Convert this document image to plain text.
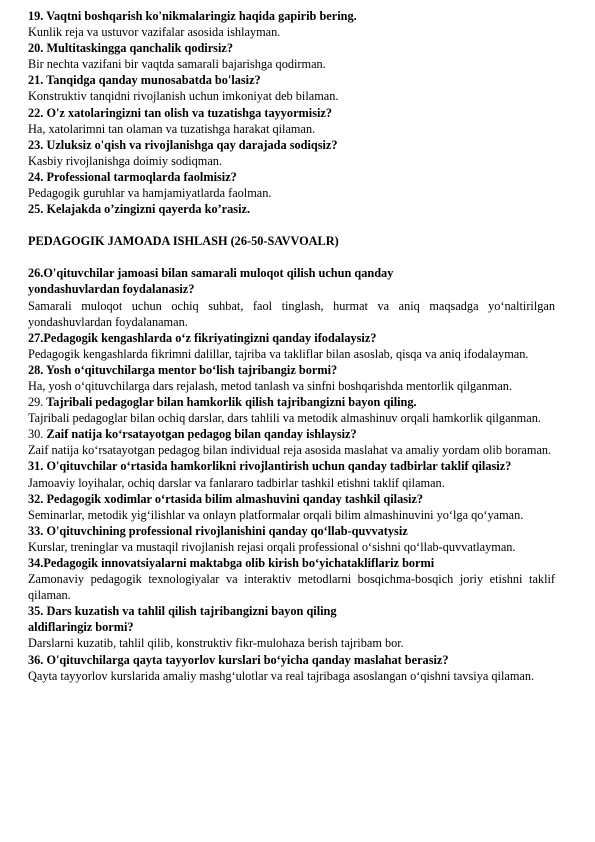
19. Vaqtni boshqarish ko'nikmalaringiz haqida gapirib bering.
Kunlik reja va ustuvor vazifalar asosida ishlayman.
20. Multitaskingga qanchalik qodirsiz?
Bir nechta vazifani bir vaqtda samarali bajarishga qodirman.
21. Tanqidga qanday munosabatda bo'lasiz?
Konstruktiv tanqidni rivojlanish uchun imkoniyat deb bilaman.
22. O'z xatolaringizni tan olish va tuzatishga tayyormisiz?
Ha, xatolarimni tan olaman va tuzatishga harakat qilaman.
23. Uzluksiz o'qish va rivojlanishga qay darajada sodiqsiz?
Kasbiy rivojlanishga doimiy sodiqman.
24. Professional tarmoqlarda faolmisiz?
Pedagogik guruhlar va hamjamiyatlarda faolman.
25. Kelajakda o’zingizni qayerda ko’rasiz.
PEDAGOGIK JAMOADA ISHLASH (26-50-SAVVOALR)
26.O'qituvchilar jamoasi bilan samarali muloqot qilish uchun qanday
yondashuvlardan foydalanasiz?
Samarali muloqot uchun ochiq suhbat, faol tinglash, hurmat va aniq maqsadga yo‘naltirilgan yondashuvlardan foydalanaman.
27.Pedagogik kengashlarda o‘z fikriyatingizni qanday ifodalaysiz?
Pedagogik kengashlarda fikrimni dalillar, tajriba va takliflar bilan asoslab, qisqa va aniq ifodalayman.
28. Yosh o‘qituvchilarga mentor bo‘lish tajribangiz bormi?
Ha, yosh o‘qituvchilarga dars rejalash, metod tanlash va sinfni boshqarishda mentorlik qilganman.
29. Tajribali pedagoglar bilan hamkorlik qilish tajribangizni bayon qiling.
Tajribali pedagoglar bilan ochiq darslar, dars tahlili va metodik almashinuv orqali hamkorlik qilganman.
30. Zaif natija ko‘rsatayotgan pedagog bilan qanday ishlaysiz?
Zaif natija ko‘rsatayotgan pedagog bilan individual reja asosida maslahat va amaliy yordam olib boraman.
31. O'qituvchilar o‘rtasida hamkorlikni rivojlantirish uchun qanday tadbirlar taklif qilasiz?
Jamoaviy loyihalar, ochiq darslar va fanlararo tadbirlar tashkil etishni taklif qilaman.
32. Pedagogik xodimlar o‘rtasida bilim almashuvini qanday tashkil qilasiz?
Seminarlar, metodik yig‘ilishlar va onlayn platformalar orqali bilim almashinuvini yo‘lga qo‘yaman.
33. O'qituvchining professional rivojlanishini qanday qo‘llab-quvvatysiz
Kurslar, treninglar va mustaqil rivojlanish rejasi orqali professional o‘sishni qo‘llab-quvvatlayman.
34.Pedagogik innovatsiyalarni maktabga olib kirish bo‘yichatakliflariz bormi
Zamonaviy pedagogik texnologiyalar va interaktiv metodlarni bosqichma-bosqich joriy etishni taklif qilaman.
35. Dars kuzatish va tahlil qilish tajribangizni bayon qiling
aldiflaringiz bormi?
Darslarni kuzatib, tahlil qilib, konstruktiv fikr-mulohaza berish tajribam bor.
36. O'qituvchilarga qayta tayyorlov kurslari bo‘yicha qanday maslahat berasiz?
Qayta tayyorlov kurslarida amaliy mashg‘ulotlar va real tajribaga asoslangan o‘qishni tavsiya qilaman.
